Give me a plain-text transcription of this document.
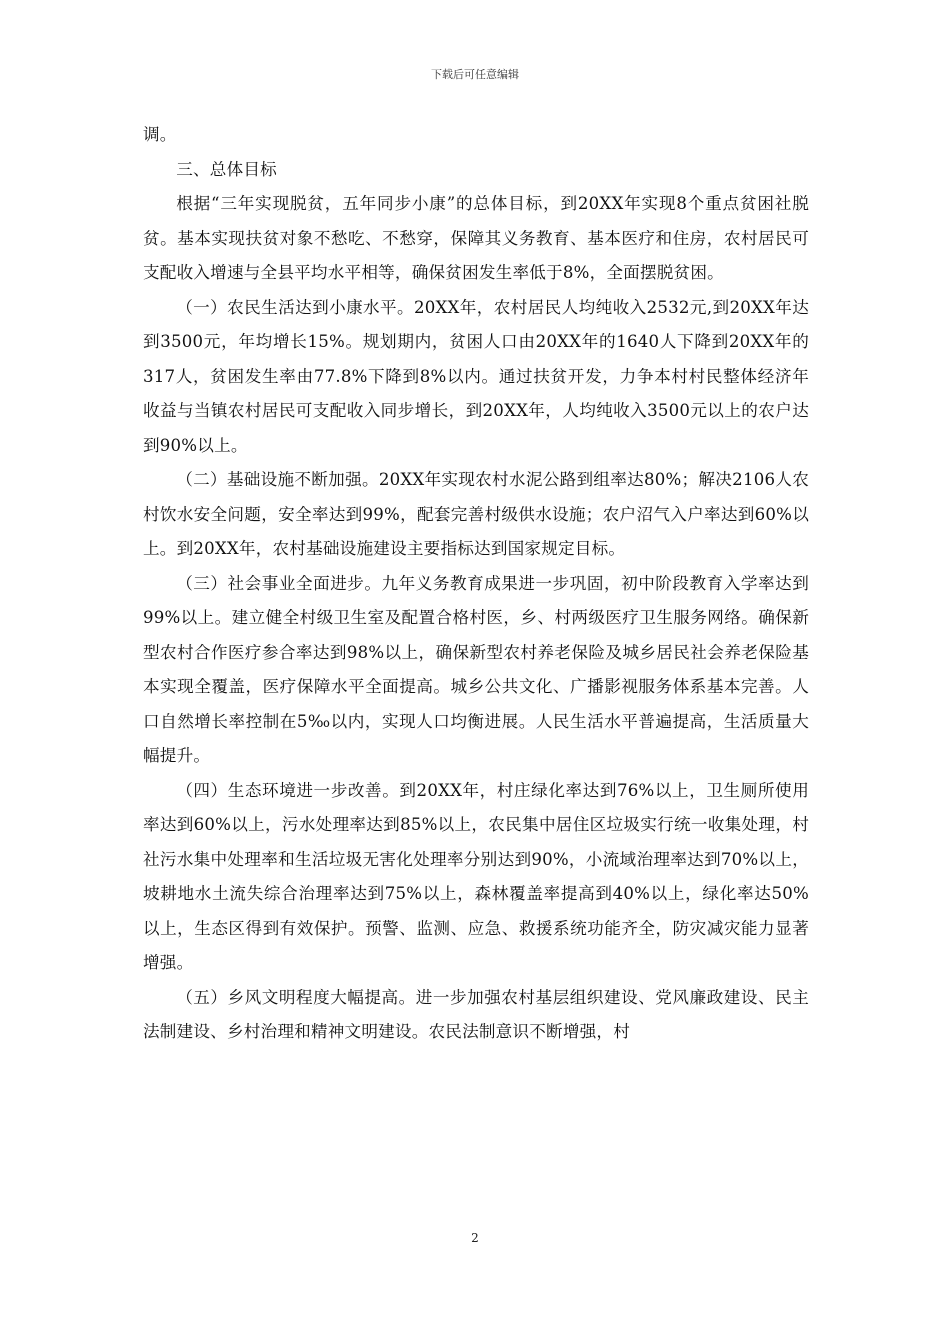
下载后可任意编辑

调。

三、总体目标

根据“三年实现脱贫，五年同步小康”的总体目标，到20XX年实现8个重点贫困社脱贫。基本实现扶贫对象不愁吃、不愁穿，保障其义务教育、基本医疗和住房，农村居民可支配收入增速与全县平均水平相等，确保贫困发生率低于8%，全面摆脱贫困。

（一）农民生活达到小康水平。20XX年，农村居民人均纯收入2532元,到20XX年达到3500元，年均增长15%。规划期内，贫困人口由20XX年的1640人下降到20XX年的317人，贫困发生率由77.8%下降到8%以内。通过扶贫开发，力争本村村民整体经济年收益与当镇农村居民可支配收入同步增长，到20XX年，人均纯收入3500元以上的农户达到90%以上。

（二）基础设施不断加强。20XX年实现农村水泥公路到组率达80%；解决2106人农村饮水安全问题，安全率达到99%，配套完善村级供水设施；农户沼气入户率达到60%以上。到20XX年，农村基础设施建设主要指标达到国家规定目标。

（三）社会事业全面进步。九年义务教育成果进一步巩固，初中阶段教育入学率达到99%以上。建立健全村级卫生室及配置合格村医，乡、村两级医疗卫生服务网络。确保新型农村合作医疗参合率达到98%以上，确保新型农村养老保险及城乡居民社会养老保险基本实现全覆盖，医疗保障水平全面提高。城乡公共文化、广播影视服务体系基本完善。人口自然增长率控制在5‰以内，实现人口均衡进展。人民生活水平普遍提高，生活质量大幅提升。

（四）生态环境进一步改善。到20XX年，村庄绿化率达到76%以上，卫生厕所使用率达到60%以上，污水处理率达到85%以上，农民集中居住区垃圾实行统一收集处理，村社污水集中处理率和生活垃圾无害化处理率分别达到90%，小流域治理率达到70%以上，坡耕地水土流失综合治理率达到75%以上，森林覆盖率提高到40%以上，绿化率达50%以上，生态区得到有效保护。预警、监测、应急、救援系统功能齐全，防灾减灾能力显著增强。

（五）乡风文明程度大幅提高。进一步加强农村基层组织建设、党风廉政建设、民主法制建设、乡村治理和精神文明建设。农民法制意识不断增强，村

2
